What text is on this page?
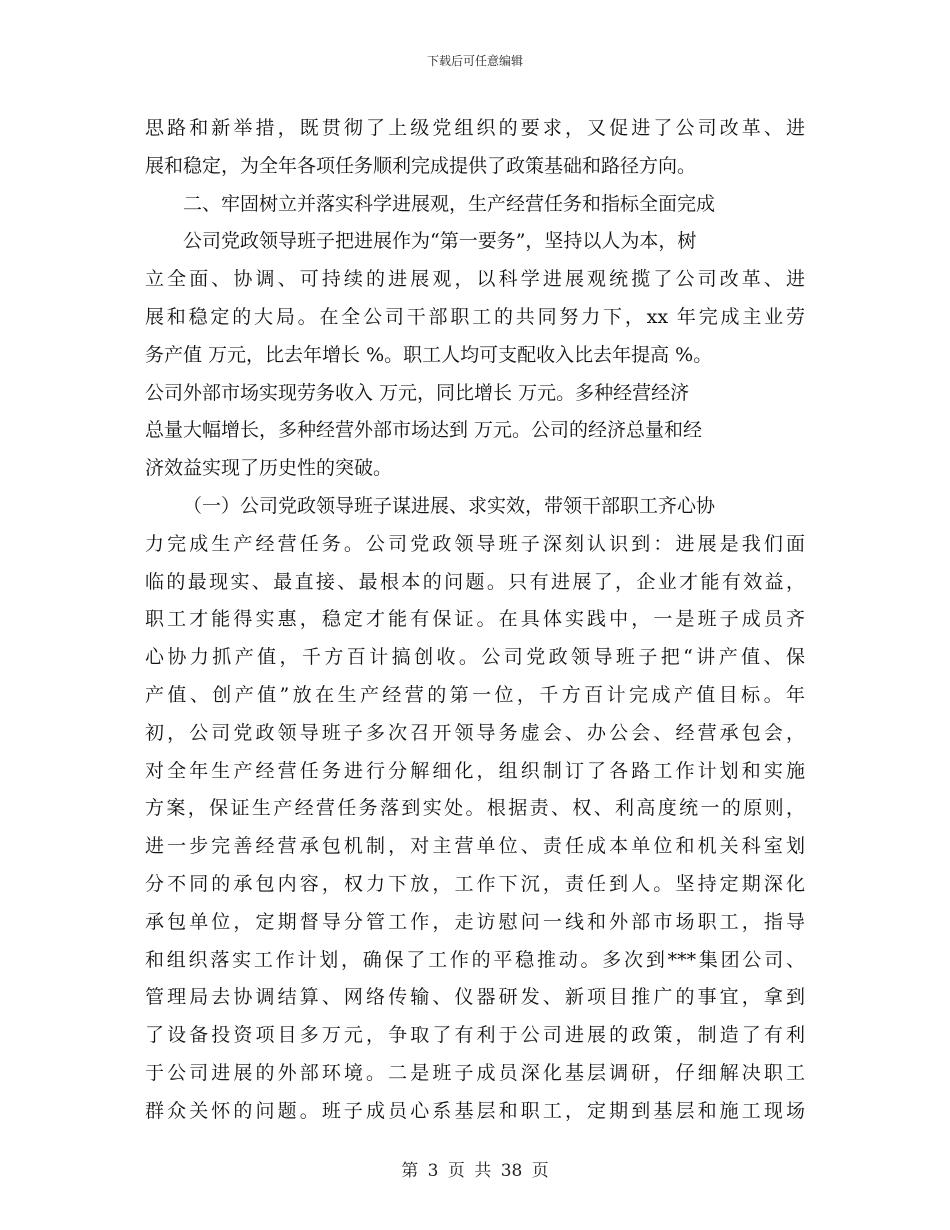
下载后可任意编辑
思路和新举措，既贯彻了上级党组织的要求，又促进了公司改革、进
展和稳定，为全年各项任务顺利完成提供了政策基础和路径方向。
二、牢固树立并落实科学进展观，生产经营任务和指标全面完成
公司党政领导班子把进展作为“第一要务”，坚持以人为本，树
立全面、协调、可持续的进展观，以科学进展观统揽了公司改革、进
展和稳定的大局。在全公司干部职工的共同努力下，xx 年完成主业劳
务产值 万元，比去年增长 %。职工人均可支配收入比去年提高 %。
公司外部市场实现劳务收入 万元，同比增长 万元。多种经营经济
总量大幅增长，多种经营外部市场达到 万元。公司的经济总量和经
济效益实现了历史性的突破。
（一）公司党政领导班子谋进展、求实效，带领干部职工齐心协
力完成生产经营任务。公司党政领导班子深刻认识到：进展是我们面
临的最现实、最直接、最根本的问题。只有进展了，企业才能有效益，
职工才能得实惠，稳定才能有保证。在具体实践中，一是班子成员齐
心协力抓产值，千方百计搞创收。公司党政领导班子把“讲产值、保
产值、创产值”放在生产经营的第一位，千方百计完成产值目标。年
初，公司党政领导班子多次召开领导务虚会、办公会、经营承包会，
对全年生产经营任务进行分解细化，组织制订了各路工作计划和实施
方案，保证生产经营任务落到实处。根据责、权、利高度统一的原则，
进一步完善经营承包机制，对主营单位、责任成本单位和机关科室划
分不同的承包内容，权力下放，工作下沉，责任到人。坚持定期深化
承包单位，定期督导分管工作，走访慰问一线和外部市场职工，指导
和组织落实工作计划，确保了工作的平稳推动。多次到***集团公司、
管理局去协调结算、网络传输、仪器研发、新项目推广的事宜，拿到
了设备投资项目多万元，争取了有利于公司进展的政策，制造了有利
于公司进展的外部环境。二是班子成员深化基层调研，仔细解决职工
群众关怀的问题。班子成员心系基层和职工，定期到基层和施工现场
第 3 页 共 38 页
